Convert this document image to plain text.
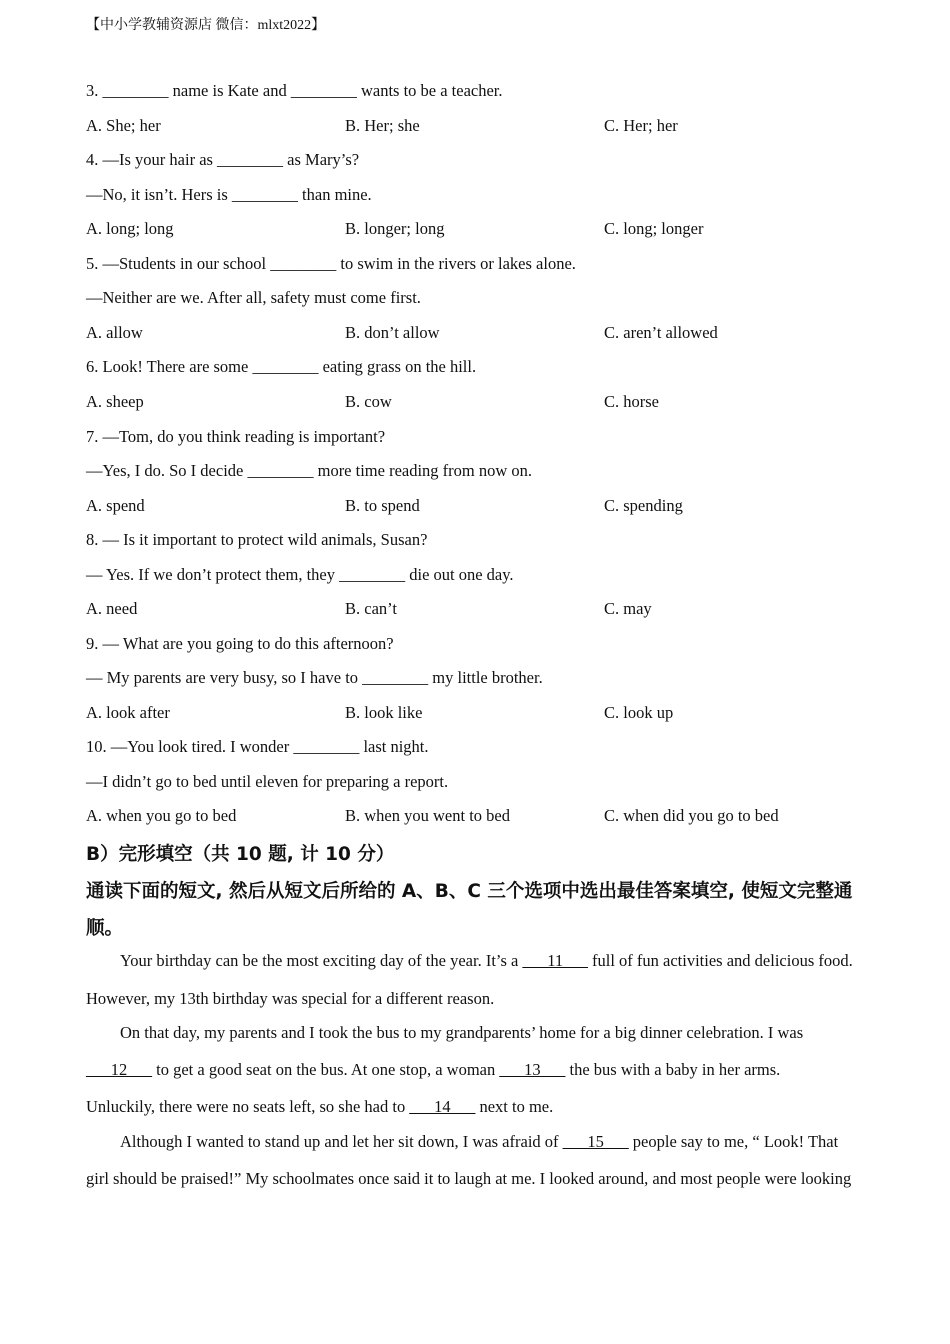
【中小学教辅资源店 微信：mlxt2022】
3. ________ name is Kate and ________ wants to be a teacher.
A. She; her	B. Her; she	C. Her; her
4. —Is your hair as ________ as Mary’s?
—No, it isn’t. Hers is ________ than mine.
A. long; long	B. longer; long	C. long; longer
5. —Students in our school ________ to swim in the rivers or lakes alone.
—Neither are we. After all, safety must come first.
A. allow	B. don’t allow	C. aren’t allowed
6. Look! There are some ________ eating grass on the hill.
A. sheep	B. cow	C. horse
7. —Tom, do you think reading is important?
—Yes, I do. So I decide ________ more time reading from now on.
A. spend	B. to spend	C. spending
8. — Is it important to protect wild animals, Susan?
— Yes. If we don’t protect them, they ________ die out one day.
A. need	B. can’t	C. may
9. — What are you going to do this afternoon?
— My parents are very busy, so I have to ________ my little brother.
A. look after	B. look like	C. look up
10. —You look tired. I wonder ________ last night.
—I didn’t go to bed until eleven for preparing a report.
A. when you go to bed	B. when you went to bed	C. when did you go to bed
B）完形填空（共 10 题, 计 10 分）
通读下面的短文, 然后从短文后所给的 A、B、C 三个选项中选出最佳答案填空, 使短文完整通
顺。
Your birthday can be the most exciting day of the year. It’s a ___11___ full of fun activities and delicious food.
However, my 13th birthday was special for a different reason.
On that day, my parents and I took the bus to my grandparents’ home for a big dinner celebration. I was
___12___ to get a good seat on the bus. At one stop, a woman ___13___ the bus with a baby in her arms.
Unluckily, there were no seats left, so she had to ___14___ next to me.
Although I wanted to stand up and let her sit down, I was afraid of ___15___ people say to me, “ Look! That
girl should be praised!” My schoolmates once said it to laugh at me. I looked around, and most people were looking
